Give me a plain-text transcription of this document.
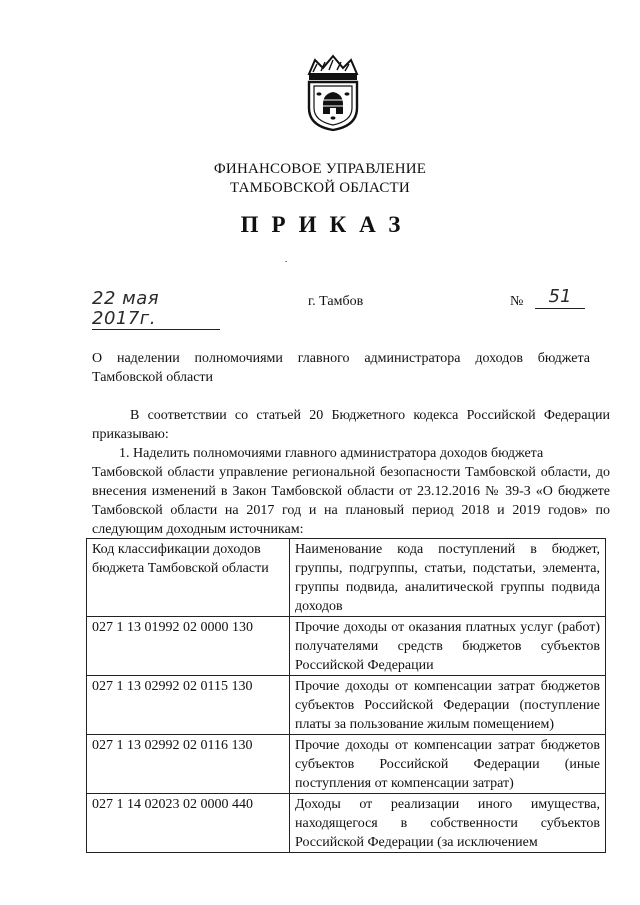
ФИНАНСОВОЕ УПРАВЛЕНИЕ
ТАМБОВСКОЙ ОБЛАСТИ
ПРИКАЗ
.
22 мая 2017г.
г. Тамбов	№	51
О наделении полномочиями главного администратора доходов бюджета Тамбовской области
В соответствии со статьей 20 Бюджетного кодекса Российской Федерации приказываю:
1. Наделить полномочиями главного администратора доходов бюджета
Тамбовской области управление региональной безопасности Тамбовской области, до внесения изменений в Закон Тамбовской области от 23.12.2016 № 39-З «О бюджете Тамбовской области на 2017 год и на плановый период 2018 и 2019 годов» по следующим доходным источникам:
Код классификации доходов бюджета Тамбовской области	Наименование кода поступлений в бюджет, группы, подгруппы, статьи, подстатьи, элемента, группы подвида, аналитической группы подвида доходов
027 1 13 01992 02 0000 130	Прочие доходы от оказания платных услуг (работ) получателями средств бюджетов субъектов Российской Федерации
027 1 13 02992 02 0115 130	Прочие доходы от компенсации затрат бюджетов субъектов Российской Федерации (поступление платы за пользование жилым помещением)
027 1 13 02992 02 0116 130	Прочие доходы от компенсации затрат бюджетов субъектов Российской Федерации (иные поступления от компенсации затрат)
027 1 14 02023 02 0000 440	Доходы от реализации иного имущества, находящегося в собственности субъектов Российской Федерации (за исключением
